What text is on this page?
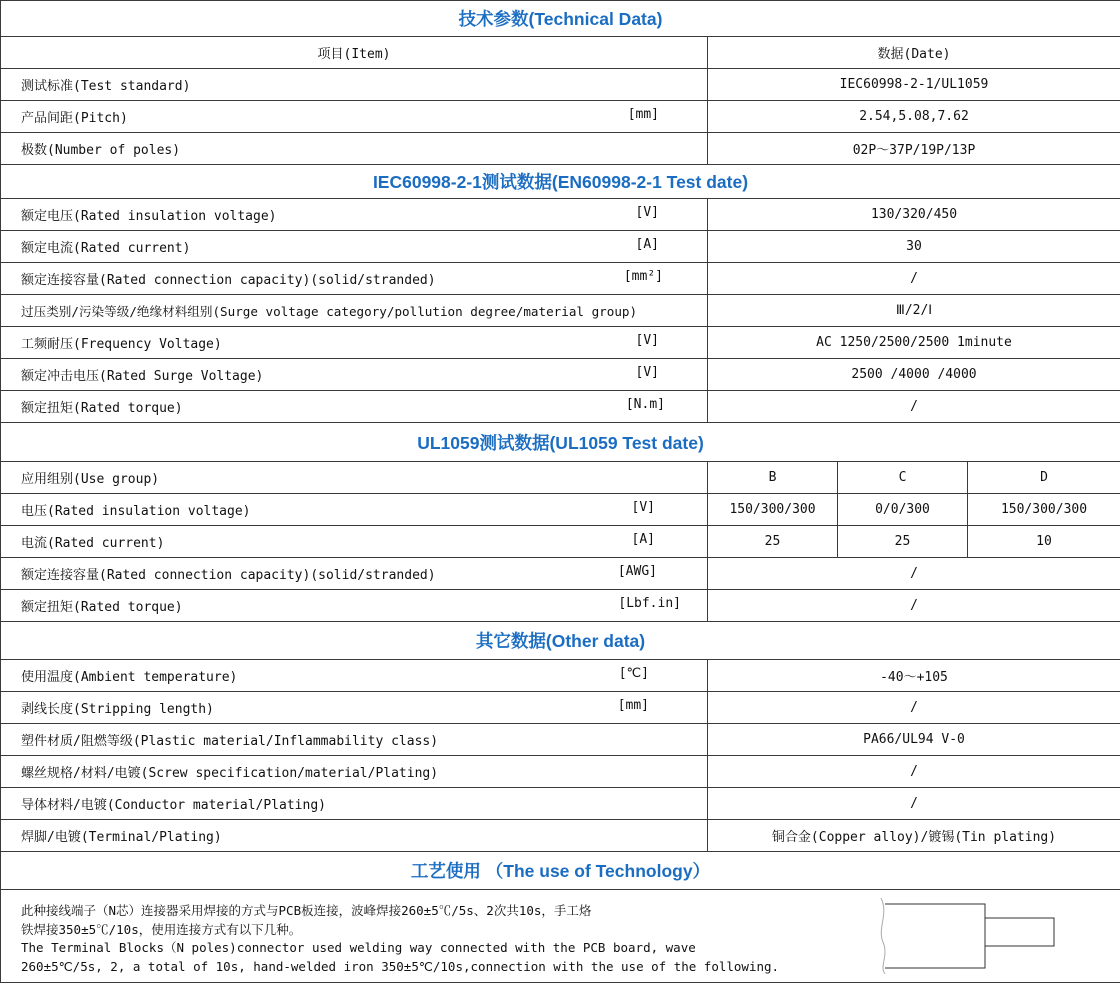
技术参数(Technical Data)			
项目(Item)	数据(Date)		
测试标准(Test standard)	IEC60998-2-1/UL1059		

产品间距(Pitch) [mm]	2.54,5.08,7.62		
极数(Number of poles)	02P～37P/19P/13P		
IEC60998-2-1测试数据(EN60998-2-1 Test date)			

额定电压(Rated insulation voltage) [V]	130/320/450		

额定电流(Rated current) [A]	30		

额定连接容量(Rated connection capacity)(solid/stranded) [mm²]	/		
过压类别/污染等级/绝缘材料组别(Surge voltage category/pollution degree/material group)	Ⅲ/2/Ⅰ		

工频耐压(Frequency Voltage) [V]	AC 1250/2500/2500 1minute		

额定冲击电压(Rated Surge Voltage) [V]	2500 /4000 /4000		

额定扭矩(Rated torque) [N.m]	/		
UL1059测试数据(UL1059 Test date)			
应用组别(Use group)	B	C	D

电压(Rated insulation voltage) [V]	150/300/300	0/0/300	150/300/300

电流(Rated current) [A]	25	25	10

额定连接容量(Rated connection capacity)(solid/stranded) [AWG]	/		

额定扭矩(Rated torque) [Lbf.in]	/		
其它数据(Other data)			

使用温度(Ambient temperature) [℃]	-40～+105		

剥线长度(Stripping length) [mm]	/		
塑件材质/阻燃等级(Plastic material/Inflammability class)	PA66/UL94 V-0		
螺丝规格/材料/电镀(Screw specification/material/Plating)	/		
导体材料/电镀(Conductor material/Plating)	/		
焊脚/电镀(Terminal/Plating)	铜合金(Copper alloy)/镀锡(Tin plating)		
工艺使用 （The use of Technology）			

此种接线端子（N芯）连接器采用焊接的方式与PCB板连接，波峰焊接260±5℃/5s、2次共10s，手工烙
铁焊接350±5℃/10s，使用连接方式有以下几种。
The Terminal Blocks（N poles)connector used welding way connected with the PCB board, wave
260±5℃/5s, 2, a total of 10s, hand-welded iron 350±5℃/10s,connection with the use of the following.			
